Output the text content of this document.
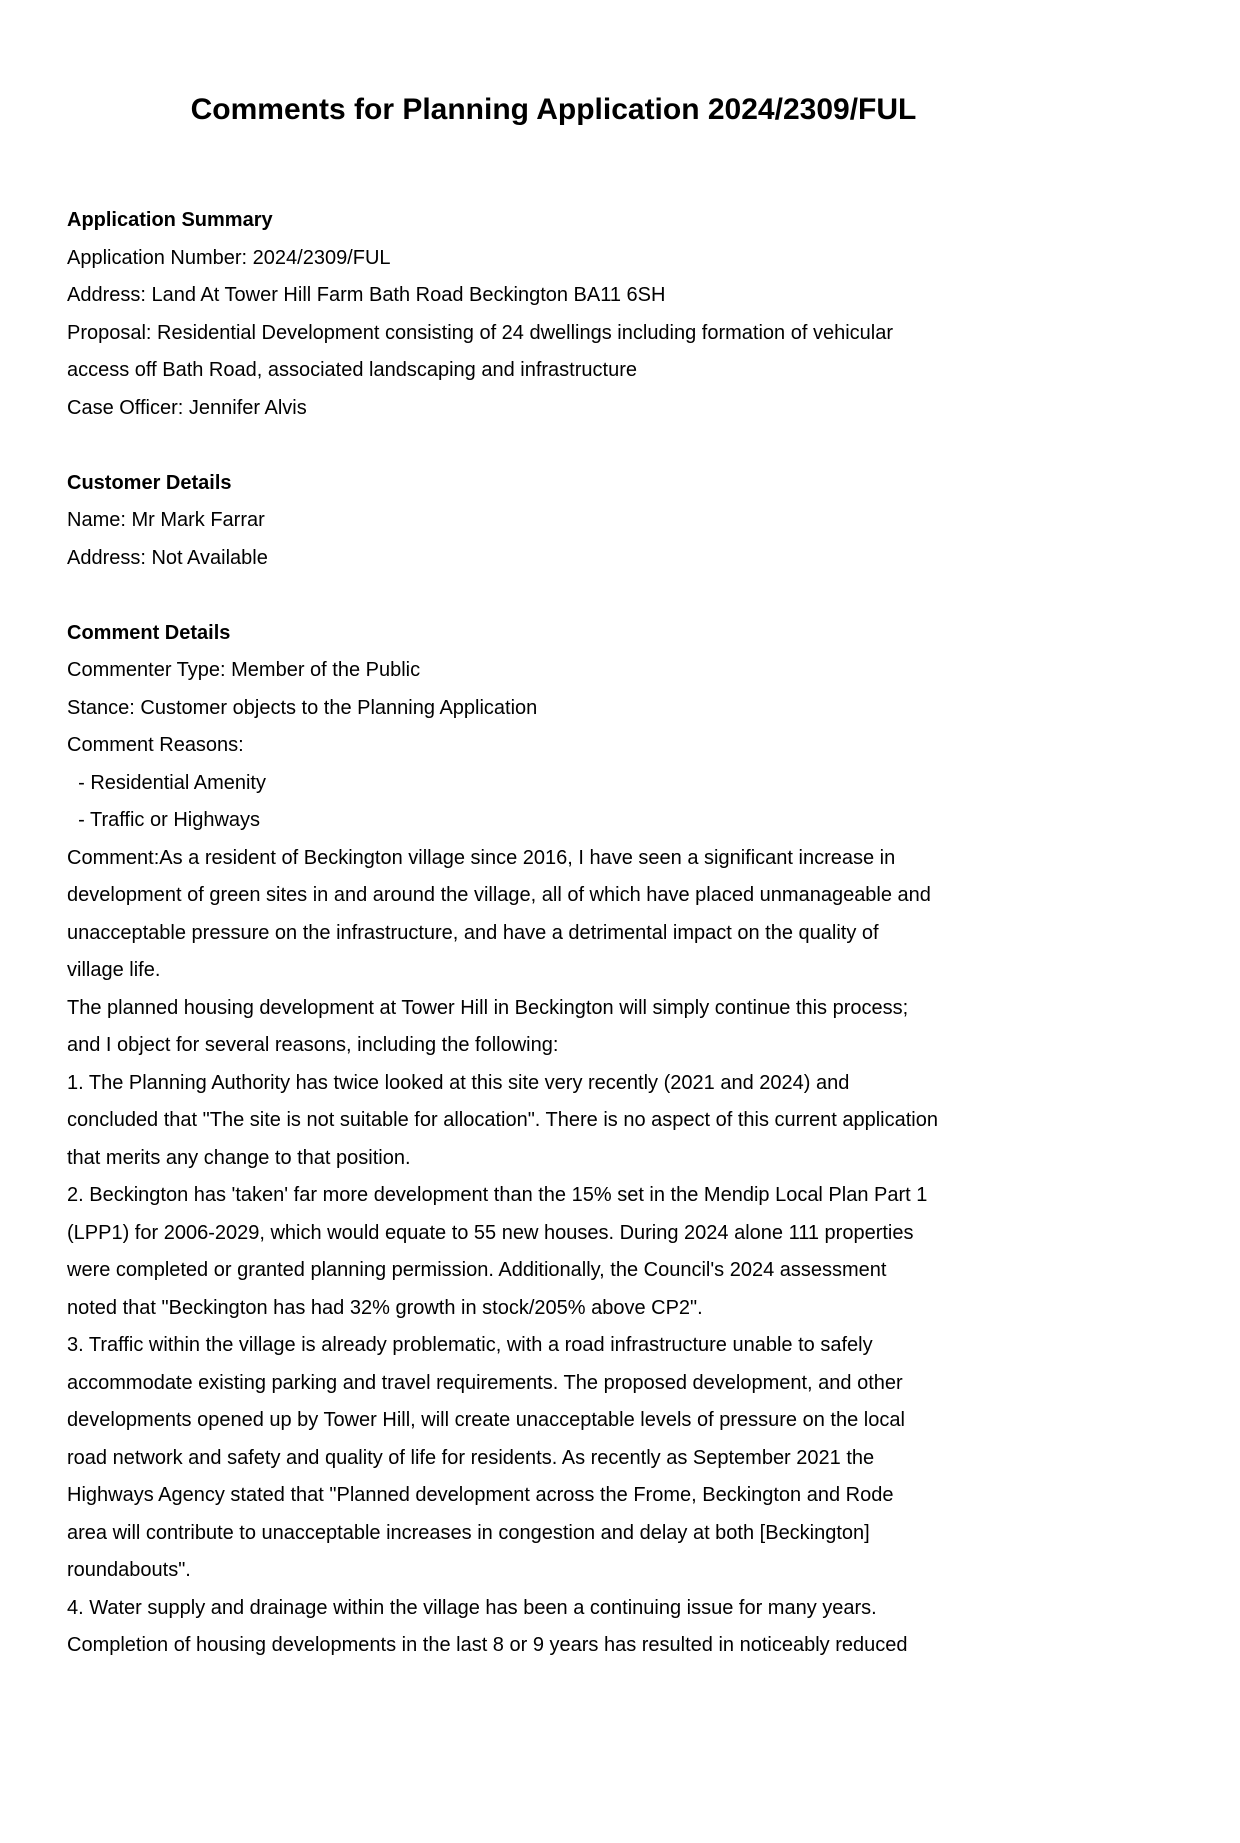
Comments for Planning Application 2024/2309/FUL
Application Summary
Application Number: 2024/2309/FUL
Address: Land At Tower Hill Farm Bath Road Beckington BA11 6SH
Proposal: Residential Development consisting of 24 dwellings including formation of vehicular
access off Bath Road, associated landscaping and infrastructure
Case Officer: Jennifer Alvis
Customer Details
Name: Mr Mark Farrar
Address: Not Available
Comment Details
Commenter Type: Member of the Public
Stance: Customer objects to the Planning Application
Comment Reasons:
- Residential Amenity
- Traffic or Highways
Comment:As a resident of Beckington village since 2016, I have seen a significant increase in
development of green sites in and around the village, all of which have placed unmanageable and
unacceptable pressure on the infrastructure, and have a detrimental impact on the quality of
village life.
The planned housing development at Tower Hill in Beckington will simply continue this process;
and I object for several reasons, including the following:
1. The Planning Authority has twice looked at this site very recently (2021 and 2024) and
concluded that "The site is not suitable for allocation". There is no aspect of this current application
that merits any change to that position.
2. Beckington has 'taken' far more development than the 15% set in the Mendip Local Plan Part 1
(LPP1) for 2006-2029, which would equate to 55 new houses. During 2024 alone 111 properties
were completed or granted planning permission. Additionally, the Council's 2024 assessment
noted that "Beckington has had 32% growth in stock/205% above CP2".
3. Traffic within the village is already problematic, with a road infrastructure unable to safely
accommodate existing parking and travel requirements. The proposed development, and other
developments opened up by Tower Hill, will create unacceptable levels of pressure on the local
road network and safety and quality of life for residents. As recently as September 2021 the
Highways Agency stated that "Planned development across the Frome, Beckington and Rode
area will contribute to unacceptable increases in congestion and delay at both [Beckington]
roundabouts".
4. Water supply and drainage within the village has been a continuing issue for many years.
Completion of housing developments in the last 8 or 9 years has resulted in noticeably reduced
